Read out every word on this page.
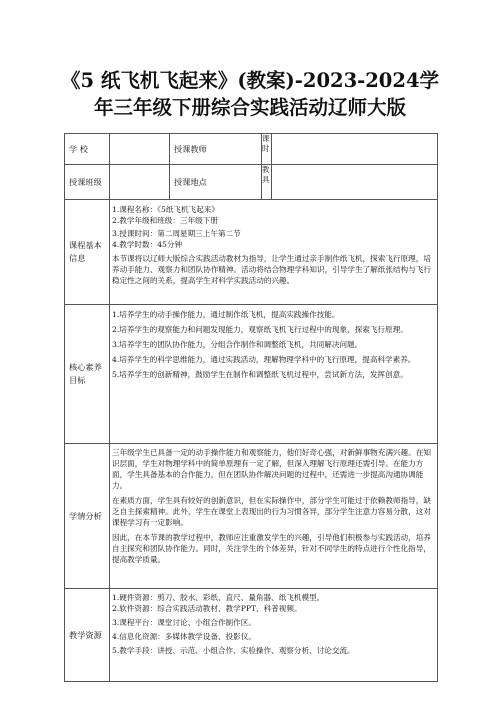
《5 纸飞机飞起来》(教案)-2023-2024学
年三年级下册综合实践活动辽师大版
学 校		授课教师	课时	
授课班级		授课地点	教具	
课程基本信息	1.课程名称：《5纸飞机飞起来》

2.教学年级和班级：三年级下册

3.授课时间：第二周星期三上午第二节

4.教学时数：45分钟

本节课将以辽师大版综合实践活动教材为指导，让学生通过亲手制作纸飞机，探索飞行原理，培养动手能力、观察力和团队协作精神。活动将结合物理学科知识，引导学生了解纸张结构与飞行稳定性之间的关系，提高学生对科学实践活动的兴趣。			

核心素养目标	1.培养学生的动手操作能力，通过制作纸飞机，提高实践操作技能。

2.培养学生的观察能力和问题发现能力，观察纸飞机飞行过程中的现象，探索飞行原理。

3.培养学生的团队协作能力，分组合作制作和调整纸飞机，共同解决问题。

4.培养学生的科学思维能力，通过实践活动，理解物理学科中的飞行原理，提高科学素养。

5.培养学生的创新精神，鼓励学生在制作和调整纸飞机过程中，尝试新方法，发挥创意。			

学情分析	三年级学生已具备一定的动手操作能力和观察能力，他们好奇心强，对新鲜事物充满兴趣。在知识层面，学生对物理学科中的简单原理有一定了解，但深入理解飞行原理还需引导。在能力方面，学生具备基本的合作能力，但在团队协作解决问题的过程中，还需进一步提高沟通协调能力。

在素质方面，学生具有较好的创新意识，但在实际操作中，部分学生可能过于依赖教师指导，缺乏自主探索精神。此外，学生在课堂上表现出的行为习惯各异，部分学生注意力容易分散，这对课程学习有一定影响。

因此，在本节课的教学过程中，教师应注重激发学生的兴趣，引导他们积极参与实践活动，培养自主探究和团队协作能力。同时，关注学生的个体差异，针对不同学生的特点进行个性化指导，提高教学质量。			

教学资源	1.硬件资源：剪刀、胶水、彩纸、直尺、量角器、纸飞机模型。

2.软件资源：综合实践活动教材、教学PPT、科普视频。

3.课程平台：课堂讨论、小组合作制作区。

4.信息化资源：多媒体教学设备、投影仪。

5.教学手段：讲授、示范、小组合作、实验操作、观察分析、讨论交流。			
